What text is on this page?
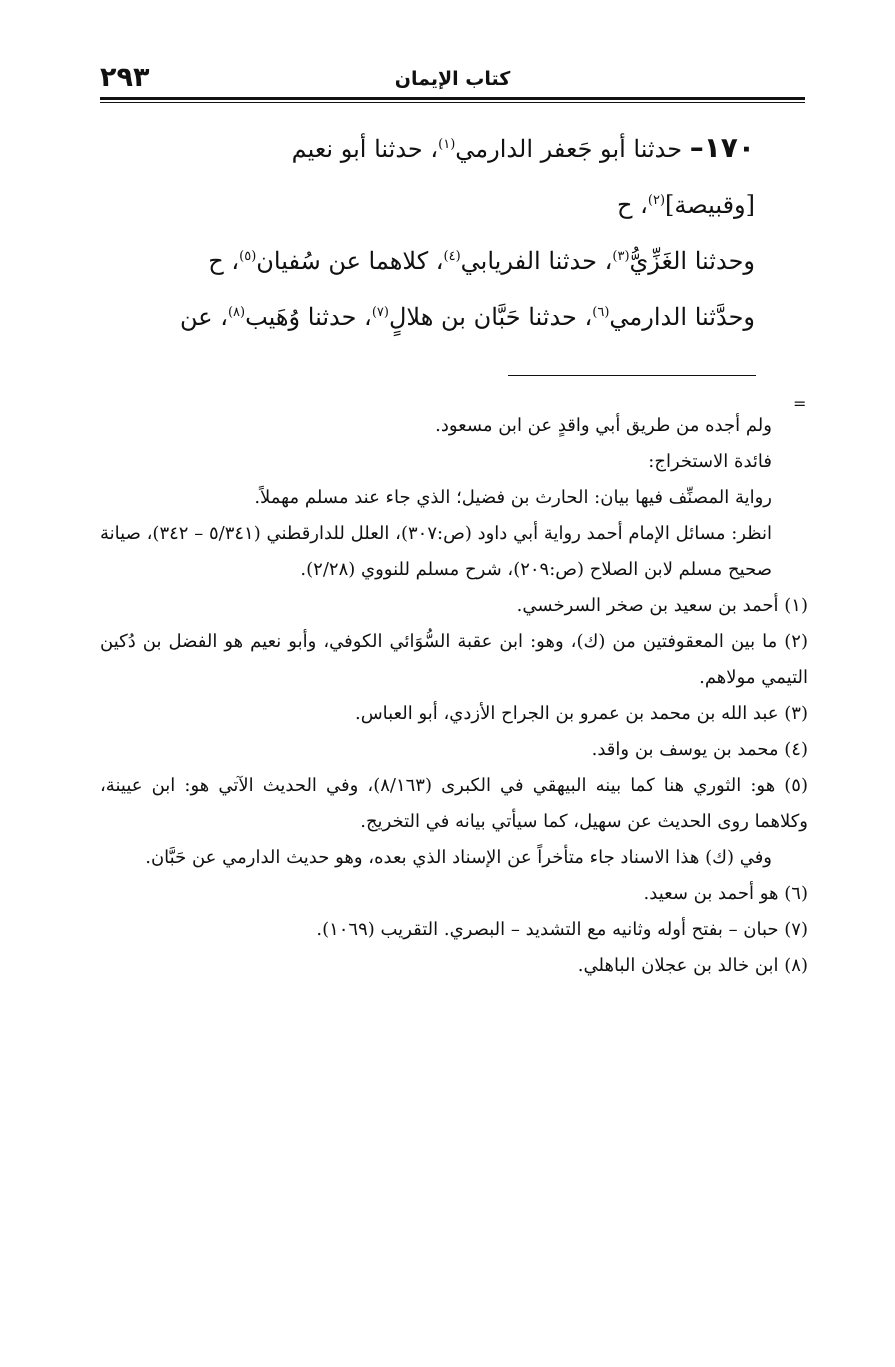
٢٩٣	كتاب الإيمان

١٧٠– حدثنا أبو جَعفر الدارمي$^{(١)}$، حدثنا أبو نعيم

[وقبيصة]$^{(٢)}$، ح

وحدثنا الغَزِّيُّ$^{(٣)}$، حدثنا الفريابي$^{(٤)}$، كلاهما عن سُفيان$^{(٥)}$، ح

وحدَّثنا الدارمي$^{(٦)}$، حدثنا حَبَّان بن هلالٍ$^{(٧)}$، حدثنا وُهَيب$^{(٨)}$، عن

=

ولم أجده من طريق أبي واقدٍ عن ابن مسعود.

فائدة الاستخراج:

رواية المصنِّف فيها بيان: الحارث بن فضيل؛ الذي جاء عند مسلم مهملاً.

انظر: مسائل الإمام أحمد رواية أبي داود (ص:٣٠٧)، العلل للدارقطني (٥/٣٤١ – ٣٤٢)، صيانة صحيح مسلم لابن الصلاح (ص:٢٠٩)، شرح مسلم للنووي (٢/٢٨).

(١) أحمد بن سعيد بن صخر السرخسي.

(٢) ما بين المعقوفتين من (ك)، وهو: ابن عقبة السُّوَائي الكوفي، وأبو نعيم هو الفضل بن دُكين التيمي مولاهم.

(٣) عبد الله بن محمد بن عمرو بن الجراح الأزدي، أبو العباس.

(٤) محمد بن يوسف بن واقد.

(٥) هو: الثوري هنا كما بينه البيهقي في الكبرى (٨/١٦٣)، وفي الحديث الآتي هو: ابن عيينة، وكلاهما روى الحديث عن سهيل، كما سيأتي بيانه في التخريج.

وفي (ك) هذا الاسناد جاء متأخراً عن الإسناد الذي بعده، وهو حديث الدارمي عن حَبَّان.

(٦) هو أحمد بن سعيد.

(٧) حبان – بفتح أوله وثانيه مع التشديد – البصري. التقريب (١٠٦٩).

(٨) ابن خالد بن عجلان الباهلي.
